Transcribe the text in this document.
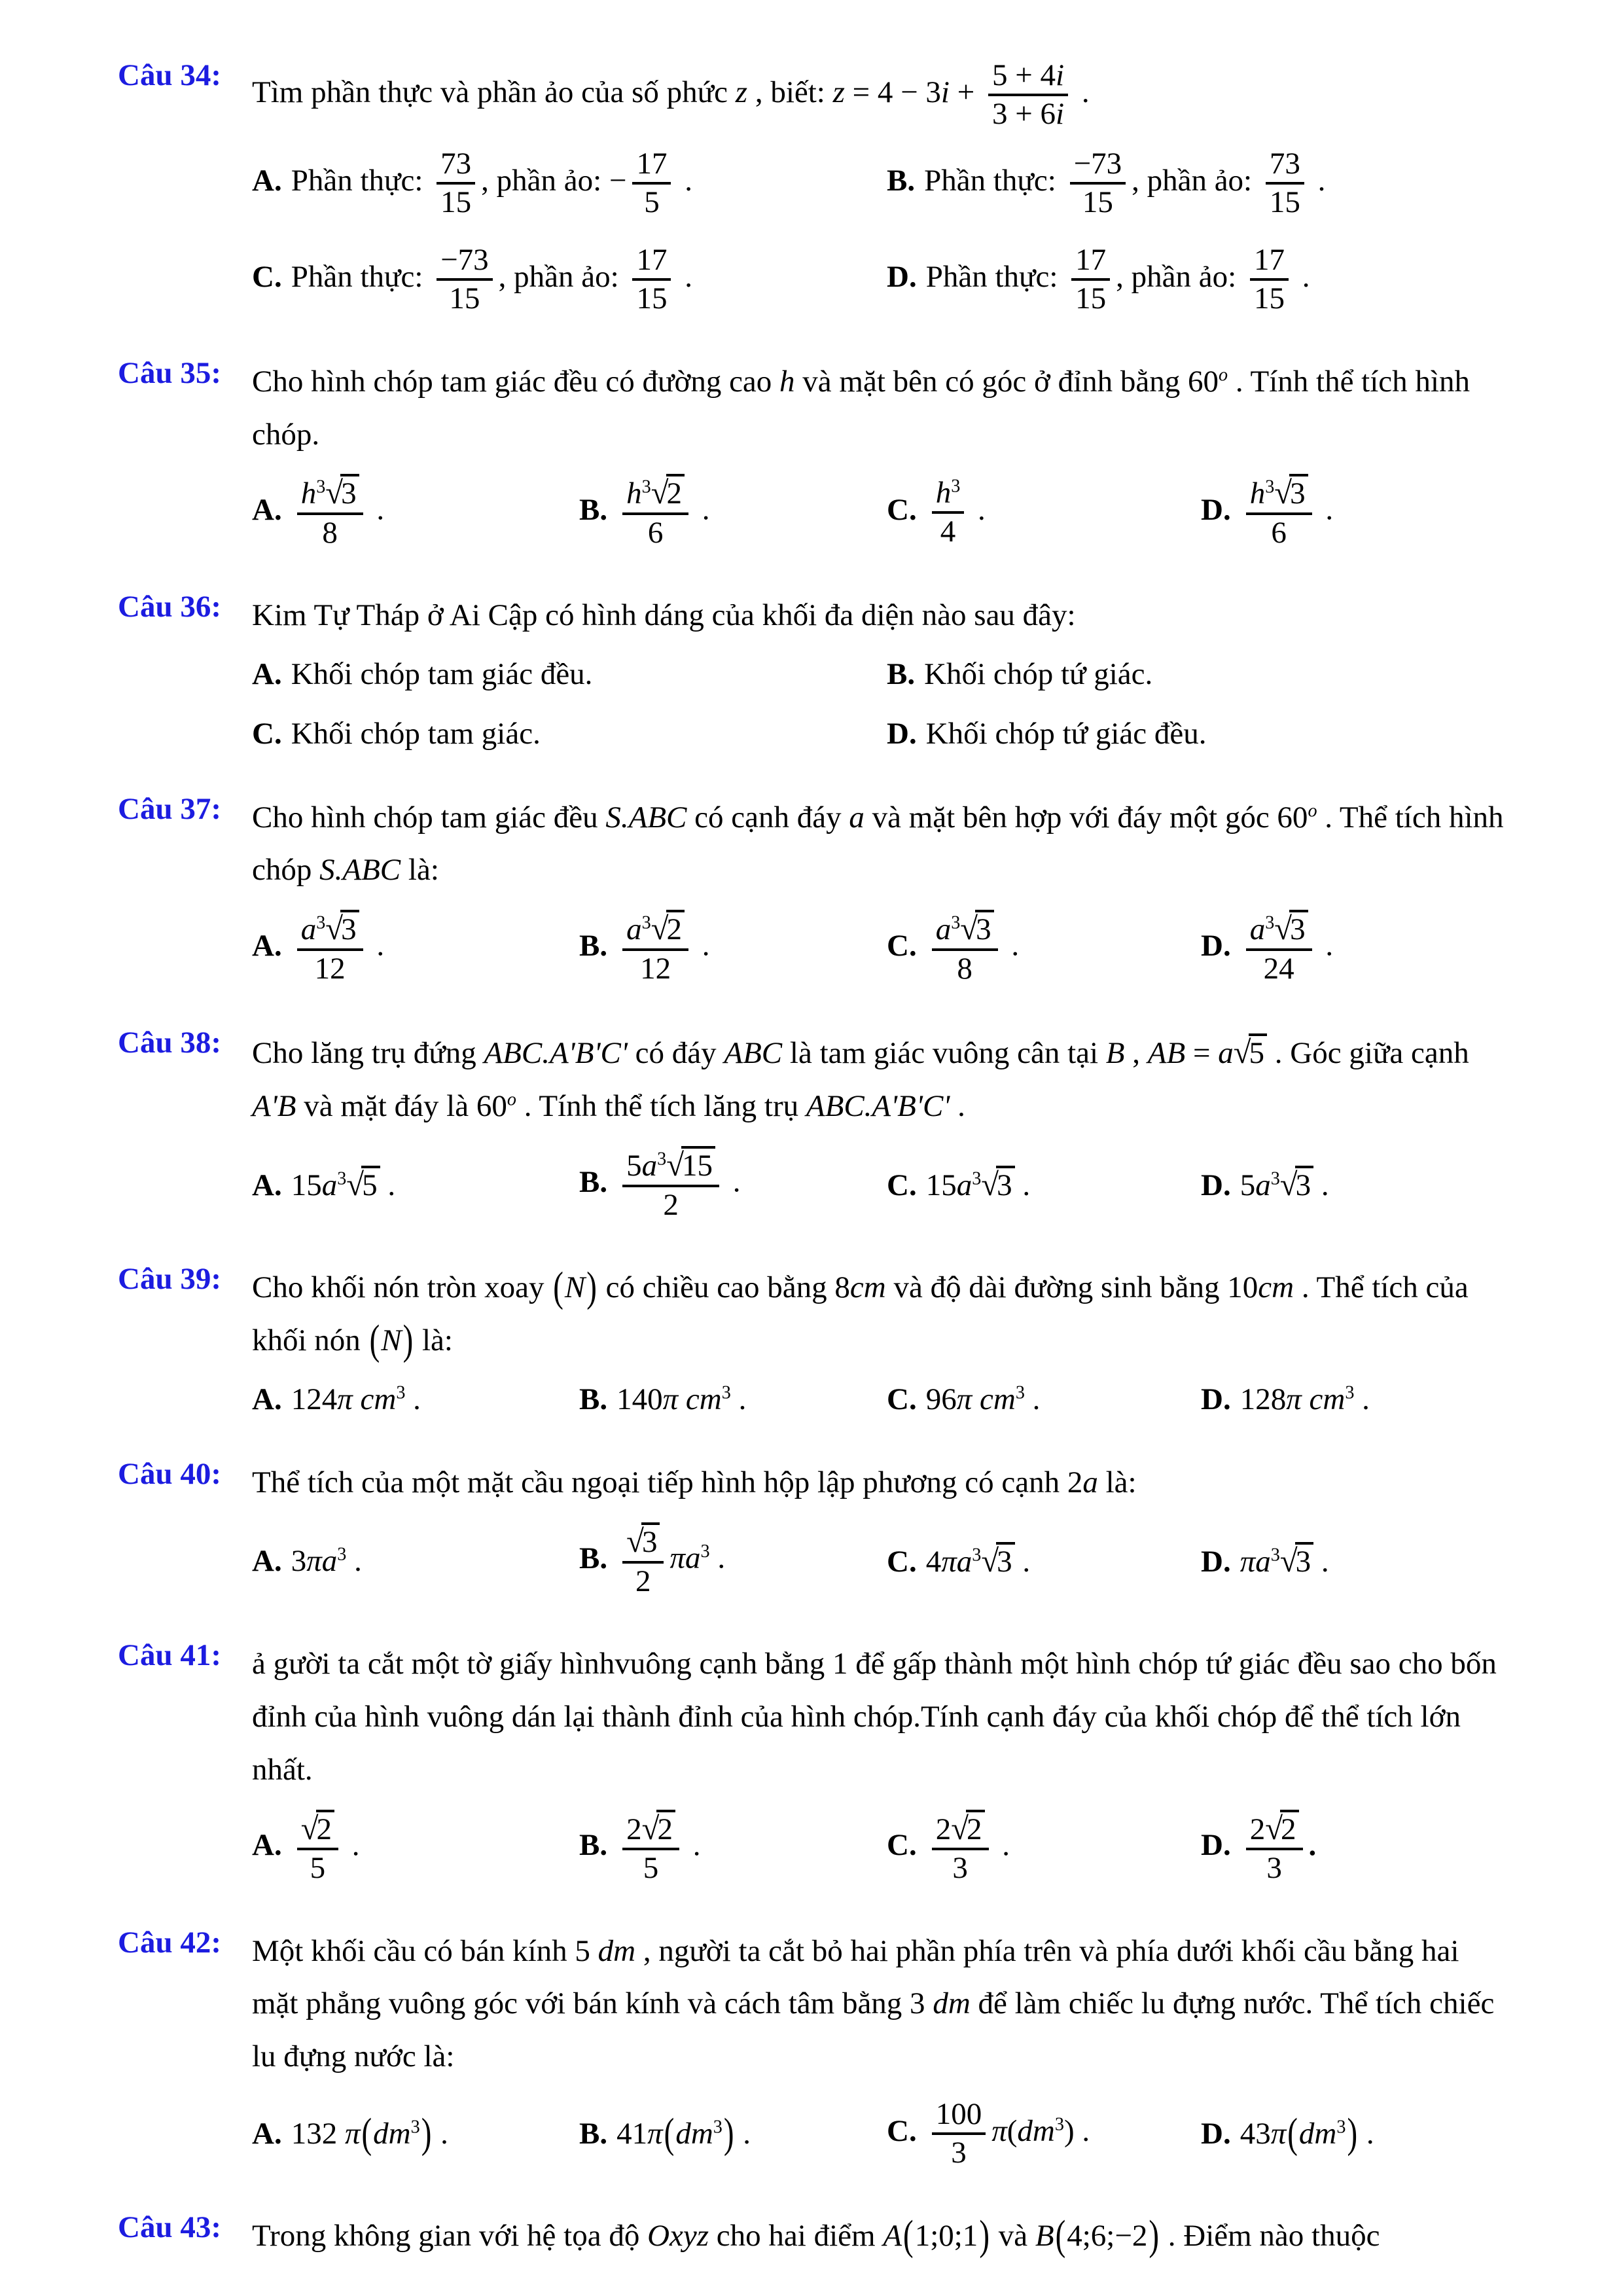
Câu 34:
Tìm phần thực và phần ảo của số phức z , biết: $z = 4 - 3i + \frac{5 + 4i}{3 + 6i}$ .
A. Phần thực: $\frac{73}{15}$ , phần ảo: − $\frac{17}{5}$ .	B. Phần thực: $\frac{-73}{15}$ , phần ảo: $\frac{73}{15}$ .
C. Phần thực: $\frac{-73}{15}$ , phần ảo: $\frac{17}{15}$ .	D. Phần thực: $\frac{17}{15}$ , phần ảo: $\frac{17}{15}$ .
Câu 35:	Cho hình chóp tam giác đều có đường cao h và mặt bên có góc ở đỉnh bằng 60$^o$ . Tính thể tích hình chóp.
A. $\frac{h^3√3}{8}$ .	B. $\frac{h^3√2}{6}$ .	C. $\frac{h^3}{4}$ .	D. $\frac{h^3√3}{6}$ .
Câu 36:	Kim Tự Tháp ở Ai Cập có hình dáng của khối đa diện nào sau đây:
A. Khối chóp tam giác đều.	B. Khối chóp tứ giác.
C. Khối chóp tam giác.	D. Khối chóp tứ giác đều.
Câu 37:	Cho hình chóp tam giác đều S.ABC có cạnh đáy a và mặt bên hợp với đáy một góc 60$^o$ . Thể tích hình chóp S.ABC là:
A. $\frac{a^3√3}{12}$ .	B. $\frac{a^3√2}{12}$ .	C. $\frac{a^3√3}{8}$ .	D. $\frac{a^3√3}{24}$ .
Câu 38:	Cho lăng trụ đứng ABC.A'B'C' có đáy ABC là tam giác vuông cân tại B , AB = a√5 . Góc giữa cạnh A'B và mặt đáy là 60$^o$ . Tính thể tích lăng trụ ABC.A'B'C' .
A. $15a^3√5$ .	B. $\frac{5a^3√15}{2}$ .	C. $15a^3√3$ .	D. $5a^3√3$ .
Câu 39:	Cho khối nón tròn xoay (N) có chiều cao bằng 8cm và độ dài đường sinh bằng 10cm . Thể tích của khối nón (N) là:
A. 124π $cm^3$ .	B. 140π $cm^3$ .	C. 96π $cm^3$ .	D. 128π $cm^3$ .
Câu 40:	Thể tích của một mặt cầu ngoại tiếp hình hộp lập phương có cạnh 2a là:
A. $3\pi a^3$ .	B. $\frac{√3}{2} \pi a^3$ .	C. $4\pi a^3√3$ .	D. $\pi a^3√3$ .
Câu 41:	ả gười ta cắt một tờ giấy hìnhvuông cạnh bằng 1 để gấp thành một hình chóp tứ giác đều sao cho bốn đỉnh của hình vuông dán lại thành đỉnh của hình chóp.Tính cạnh đáy của khối chóp để thể tích lớn nhất.
A. $\frac{√2}{5}$ .	B. $\frac{2√2}{5}$ .	C. $\frac{2√2}{3}$ .	D. $\frac{2√2}{3}$ .
Câu 42:	Một khối cầu có bán kính 5 dm , người ta cắt bỏ hai phần phía trên và phía dưới khối cầu bằng hai mặt phẳng vuông góc với bán kính và cách tâm bằng 3 dm để làm chiếc lu đựng nước. Thể tích chiếc lu đựng nước là:
A. 132 $\pi(dm^3)$ .	B. $41\pi(dm^3)$ .	C. $\frac{100}{3} \pi(dm^3)$ .	D. $43\pi(dm^3)$ .
Câu 43:	Trong không gian với hệ tọa độ Oxyz cho hai điểm A(1;0;1) và B(4;6;−2) . Điểm nào thuộc
